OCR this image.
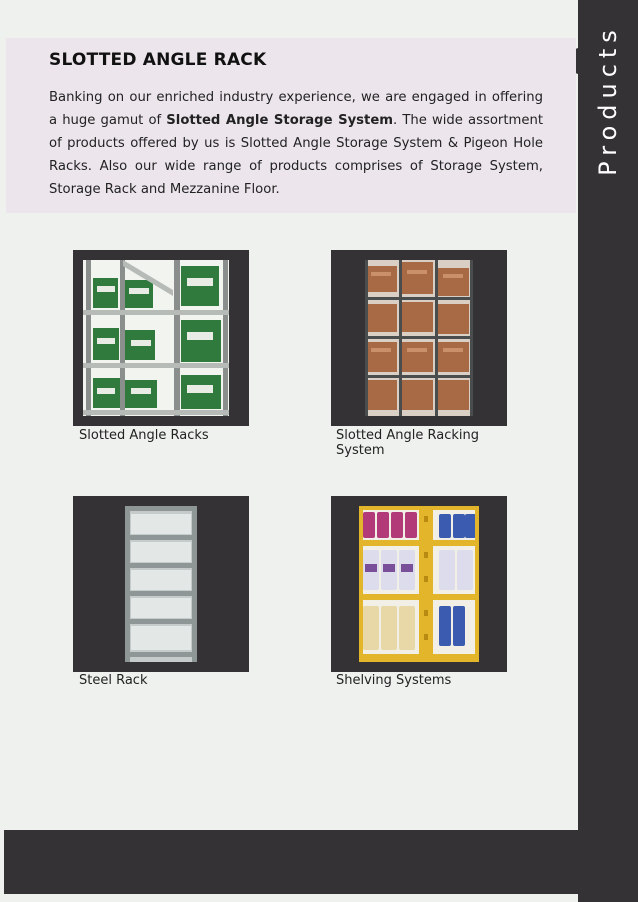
Products
SLOTTED ANGLE RACK

Banking on our enriched industry experience, we are engaged in offering a huge gamut of Slotted Angle Storage System. The wide assortment of products offered by us is Slotted Angle Storage System & Pigeon Hole Racks. Also our wide range of products comprises of Storage System, Storage Rack and Mezzanine Floor.

Slotted Angle Racks	Slotted Angle Racking System
Steel Rack	Shelving Systems
